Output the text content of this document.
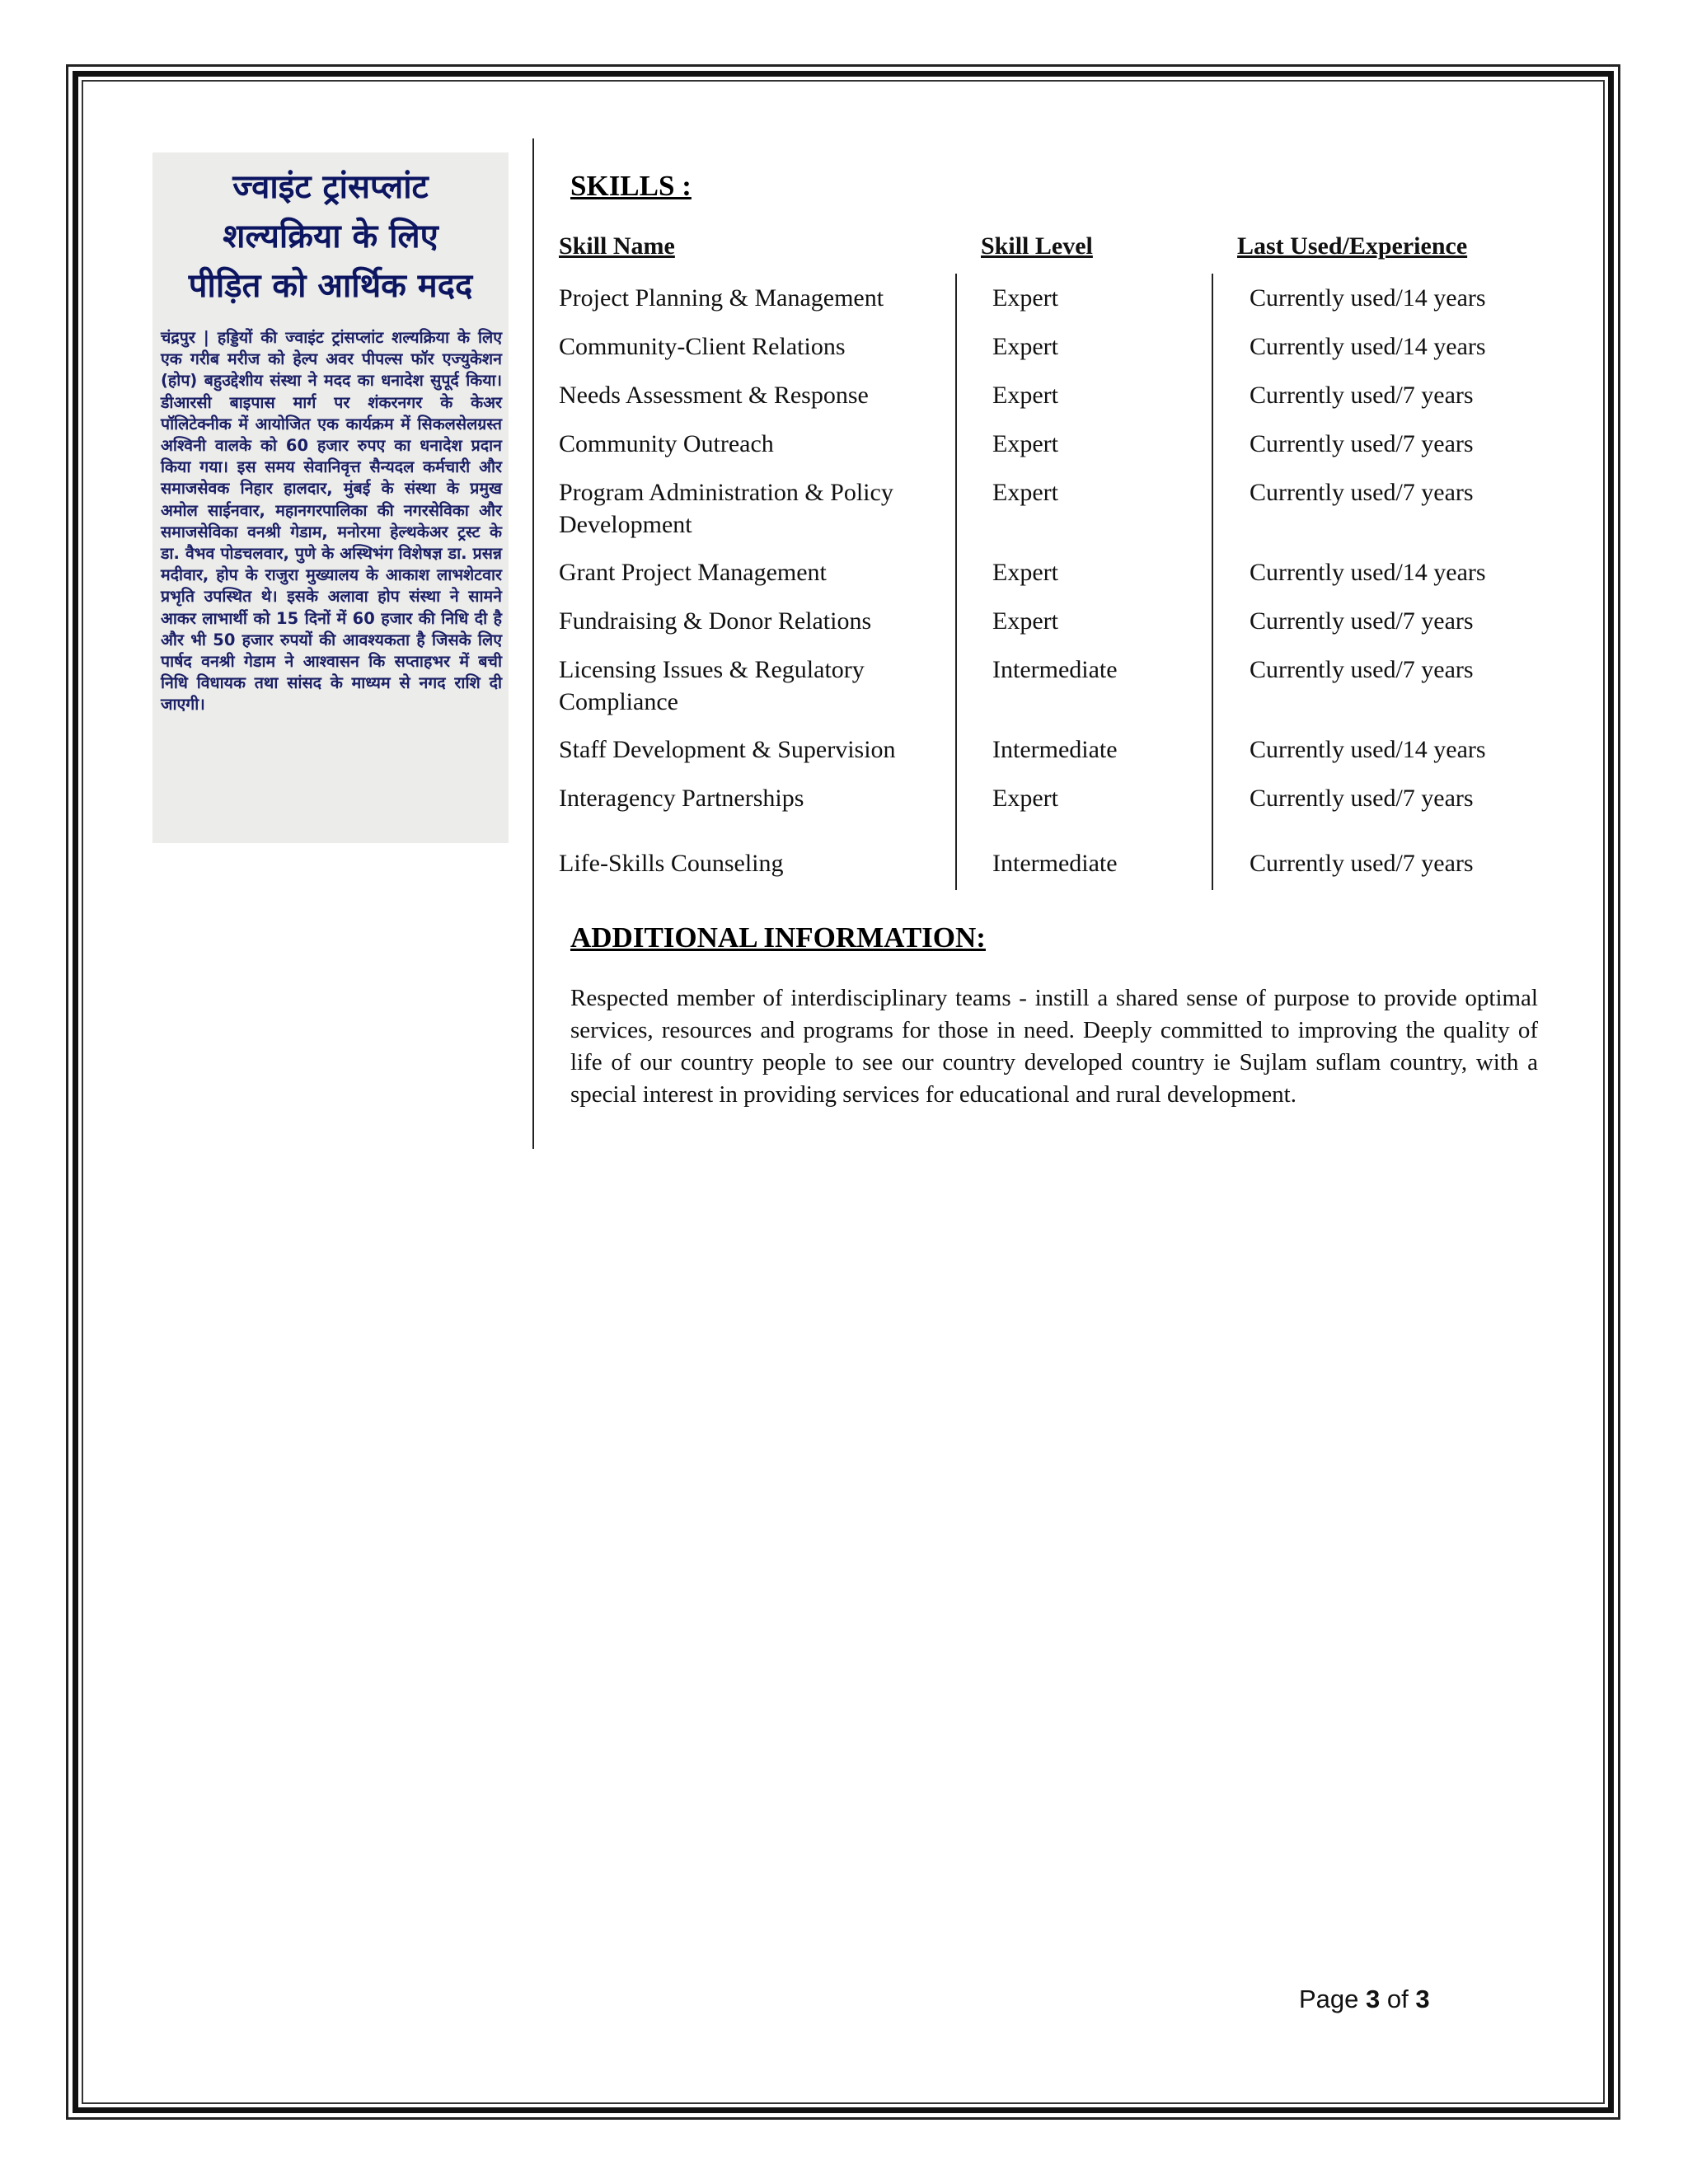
ज्वाइंट ट्रांसप्लांट
शल्यक्रिया के लिए
पीड़ित को आर्थिक मदद
चंद्रपुर | हड्डियों की ज्वाइंट ट्रांसप्लांट शल्यक्रिया के लिए एक गरीब मरीज को हेल्प अवर पीपल्स फॉर एज्युकेशन (होप) बहुउद्देशीय संस्था ने मदद का धनादेश सुपूर्द किया। डीआरसी बाइपास मार्ग पर शंकरनगर के केअर पॉलिटेक्नीक में आयोजित एक कार्यक्रम में सिकलसेलग्रस्त अश्विनी वालके को 60 हजार रुपए का धनादेश प्रदान किया गया। इस समय सेवानिवृत्त सैन्यदल कर्मचारी और समाजसेवक निहार हालदार, मुंबई के संस्था के प्रमुख अमोल साईनवार, महानगरपालिका की नगरसेविका और समाजसेविका वनश्री गेडाम, मनोरमा हेल्थकेअर ट्रस्ट के डा. वैभव पोडचलवार, पुणे के अस्थिभंग विशेषज्ञ डा. प्रसन्न मदीवार, होप के राजुरा मुख्यालय के आकाश लाभशेटवार प्रभृति उपस्थित थे। इसके अलावा होप संस्था ने सामने आकर लाभार्थी को 15 दिनों में 60 हजार की निधि दी है और भी 50 हजार रुपयों की आवश्यकता है जिसके लिए पार्षद वनश्री गेडाम ने आश्वासन कि सप्ताहभर में बची निधि विधायक तथा सांसद के माध्यम से नगद राशि दी जाएगी।
SKILLS :
Skill Name	Skill Level	Last Used/Experience
Project Planning & Management	Expert	Currently used/14 years
Community-Client Relations	Expert	Currently used/14 years
Needs Assessment & Response	Expert	Currently used/7 years
Community Outreach	Expert	Currently used/7 years
Program Administration & Policy Development
Expert	Currently used/7 years
Grant Project Management	Expert	Currently used/14 years
Fundraising & Donor Relations	Expert	Currently used/7 years
Licensing Issues & Regulatory Compliance
Intermediate	Currently used/7 years
Staff Development & Supervision	Intermediate	Currently used/14 years
Interagency Partnerships	Expert	Currently used/7 years
Life-Skills Counseling	Intermediate	Currently used/7 years
ADDITIONAL INFORMATION:
Respected member of interdisciplinary teams - instill a shared sense of purpose to provide optimal services, resources and programs for those in need. Deeply committed to improving the quality of life of our country people to see our country developed country ie Sujlam suflam country, with a special interest in providing services for educational and rural development.
Page 3 of 3
